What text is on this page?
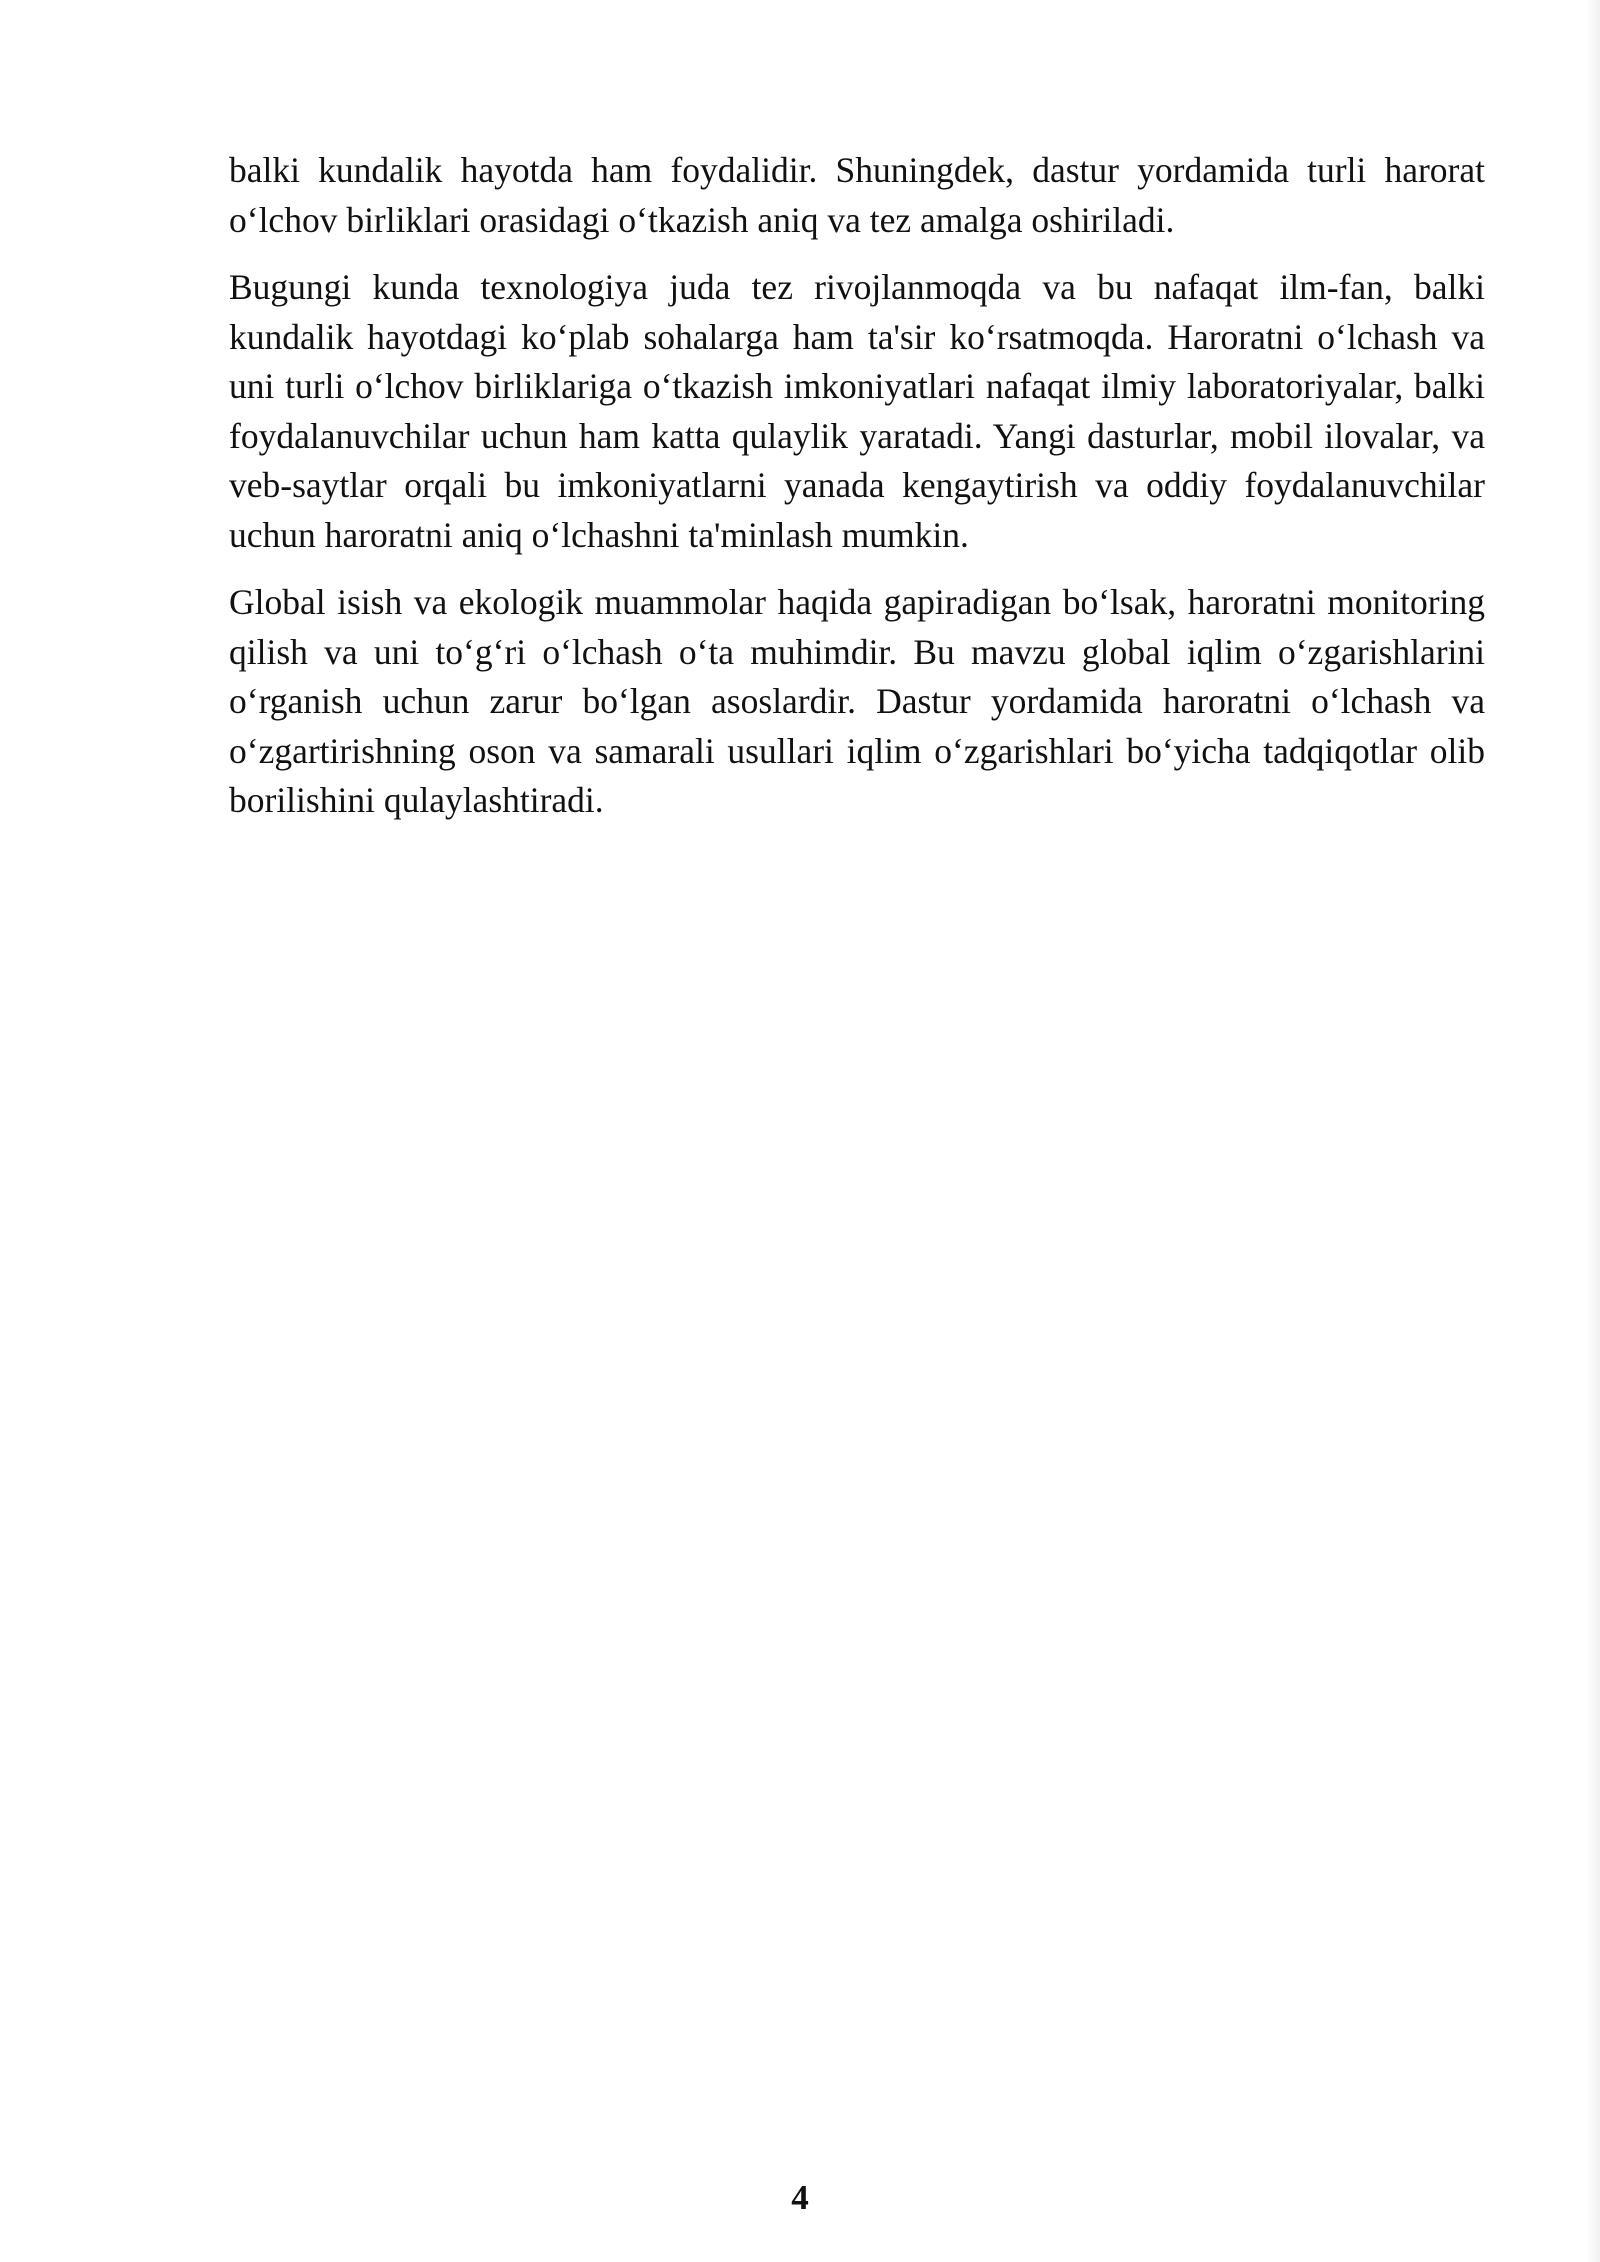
balki kundalik hayotda ham foydalidir. Shuningdek, dastur yordamida turli harorat o‘lchov birliklari orasidagi o‘tkazish aniq va tez amalga oshiriladi.

Bugungi kunda texnologiya juda tez rivojlanmoqda va bu nafaqat ilm-fan, balki kundalik hayotdagi ko‘plab sohalarga ham ta'sir ko‘rsatmoqda. Haroratni o‘lchash va uni turli o‘lchov birliklariga o‘tkazish imkoniyatlari nafaqat ilmiy laboratoriyalar, balki foydalanuvchilar uchun ham katta qulaylik yaratadi. Yangi dasturlar, mobil ilovalar, va veb-saytlar orqali bu imkoniyatlarni yanada kengaytirish va oddiy foydalanuvchilar uchun haroratni aniq o‘lchashni ta'minlash mumkin.

Global isish va ekologik muammolar haqida gapiradigan bo‘lsak, haroratni monitoring qilish va uni to‘g‘ri o‘lchash o‘ta muhimdir. Bu mavzu global iqlim o‘zgarishlarini o‘rganish uchun zarur bo‘lgan asoslardir. Dastur yordamida haroratni o‘lchash va o‘zgartirishning oson va samarali usullari iqlim o‘zgarishlari bo‘yicha tadqiqotlar olib borilishini qulaylashtiradi.

4
